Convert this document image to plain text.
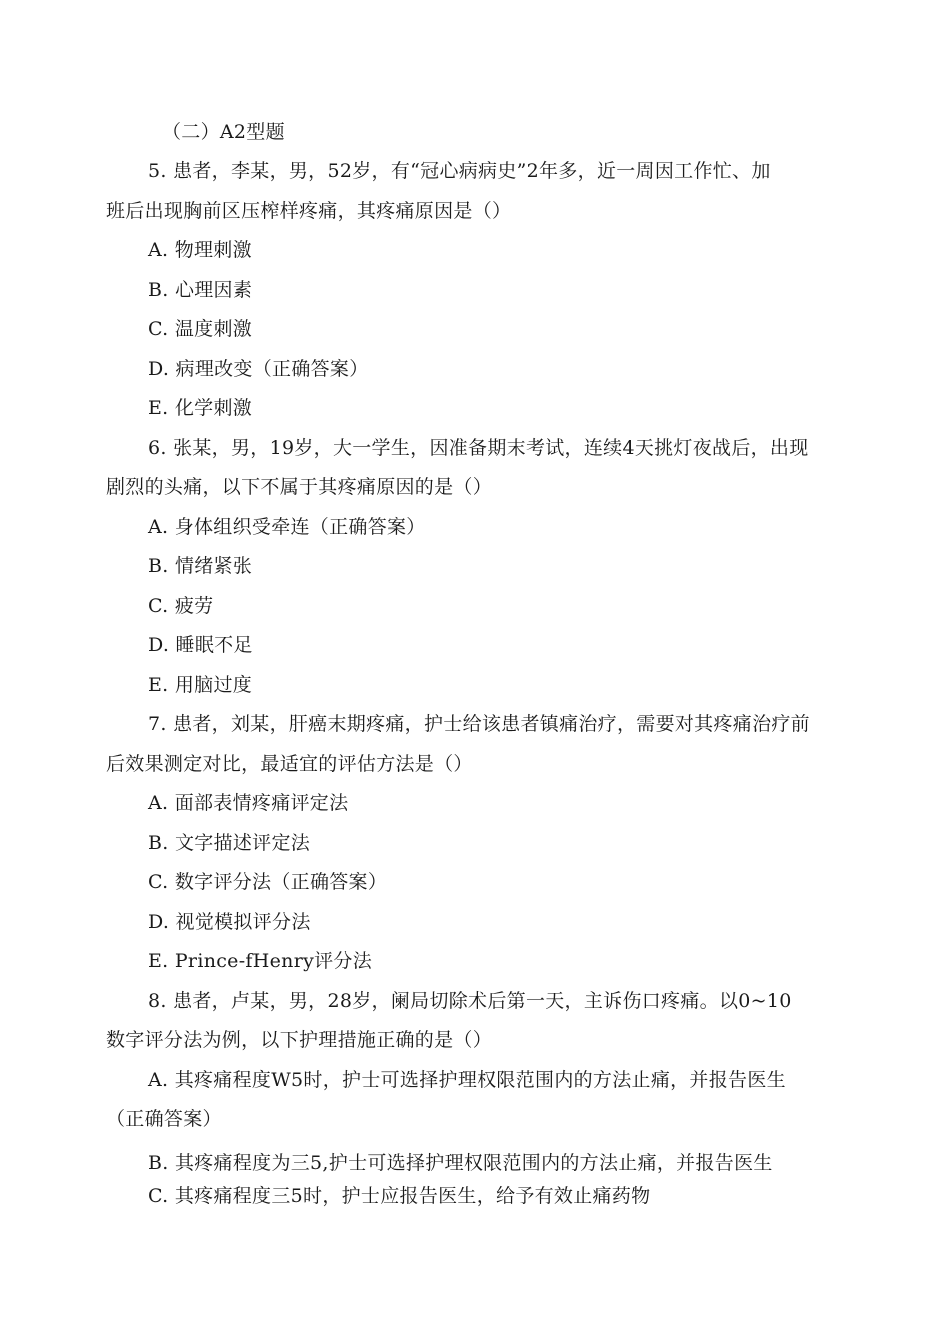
（二）A2型题
5. 患者，李某，男，52岁，有“冠心病病史”2年多，近一周因工作忙、加
班后出现胸前区压榨样疼痛，其疼痛原因是（）
A. 物理刺激
B. 心理因素
C. 温度刺激
D. 病理改变（正确答案）
E. 化学刺激
6. 张某，男，19岁，大一学生，因准备期末考试，连续4天挑灯夜战后，出现
剧烈的头痛，以下不属于其疼痛原因的是（）
A. 身体组织受牵连（正确答案）
B. 情绪紧张
C. 疲劳
D. 睡眠不足
E. 用脑过度
7. 患者，刘某，肝癌末期疼痛，护士给该患者镇痛治疗，需要对其疼痛治疗前
后效果测定对比，最适宜的评估方法是（）
A. 面部表情疼痛评定法
B. 文字描述评定法
C. 数字评分法（正确答案）
D. 视觉模拟评分法
E. Prince-fHenry评分法
8. 患者，卢某，男，28岁，阑局切除术后第一天，主诉伤口疼痛。以0~10
数字评分法为例，以下护理措施正确的是（）
A. 其疼痛程度W5时，护士可选择护理权限范围内的方法止痛，并报告医生
（正确答案）
B. 其疼痛程度为三5,护士可选择护理权限范围内的方法止痛，并报告医生
C. 其疼痛程度三5时，护士应报告医生，给予有效止痛药物
